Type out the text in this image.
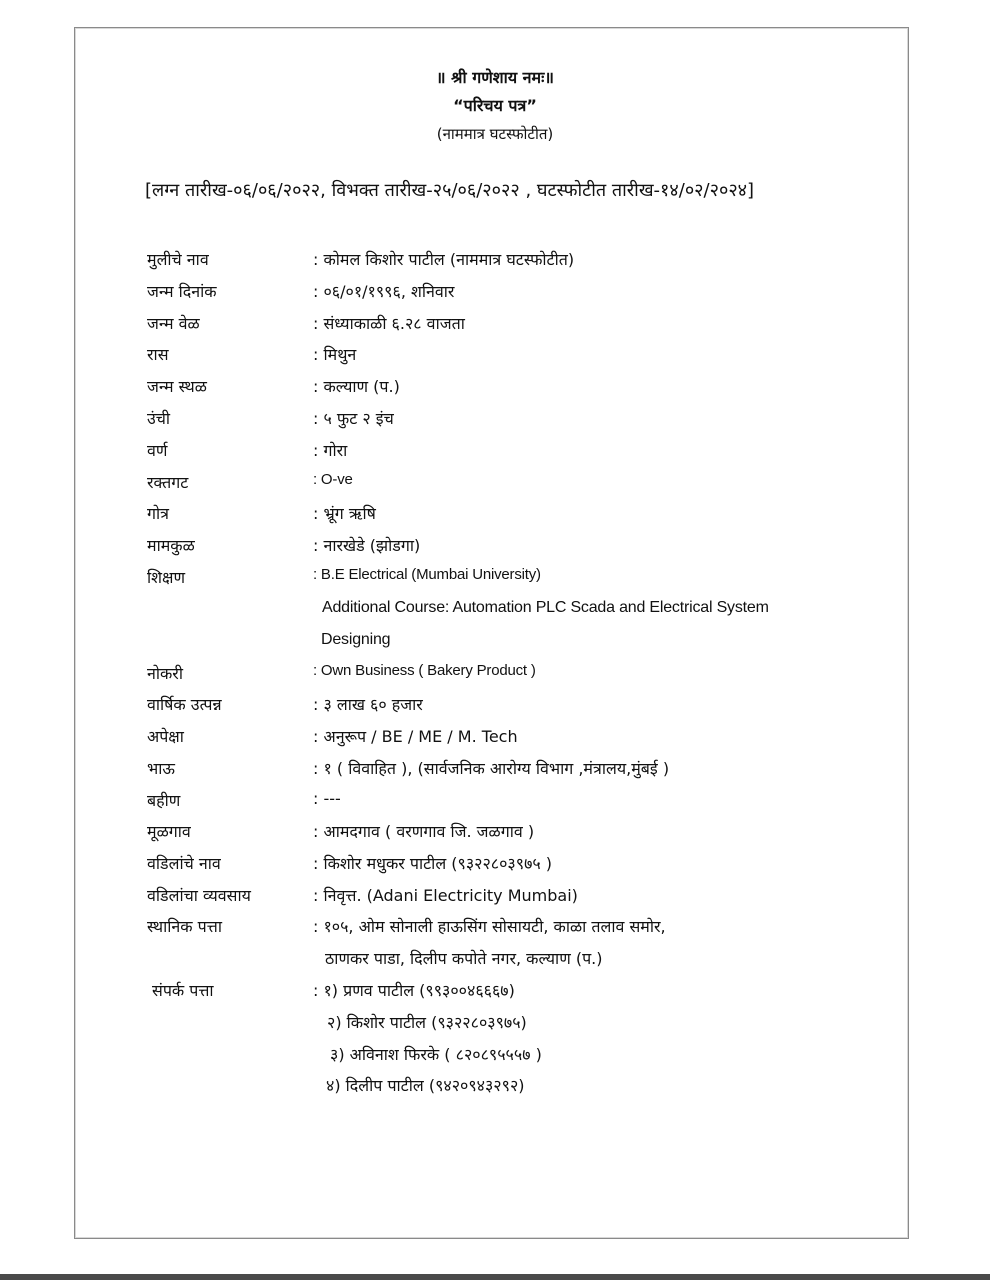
॥ श्री गणेशाय नमः॥
“परिचय पत्र”
(नाममात्र घटस्फोटीत)
[लग्न तारीख-०६/०६/२०२२, विभक्त तारीख-२५/०६/२०२२ , घटस्फोटीत तारीख-१४/०२/२०२४]
मुलीचे नाव	: कोमल किशोर पाटील (नाममात्र घटस्फोटीत)
जन्म दिनांक	: ०६/०१/१९९६, शनिवार
जन्म वेळ	: संध्याकाळी ६.२८ वाजता
रास	: मिथुन
जन्म स्थळ	: कल्याण (प.)
उंची	: ५ फुट २ इंच
वर्ण	: गोरा
रक्तगट	: O-ve
गोत्र	: भ्रूंग ऋषि
मामकुळ	: नारखेडे (झोडगा)
शिक्षण	: B.E Electrical (Mumbai University)
Additional Course: Automation PLC Scada and Electrical System
Designing
नोकरी	: Own Business ( Bakery Product )
वार्षिक उत्पन्न	: ३ लाख ६० हजार
अपेक्षा	: अनुरूप / BE / ME / M. Tech
भाऊ	: १ ( विवाहित ), (सार्वजनिक आरोग्य विभाग ,मंत्रालय,मुंबई )
बहीण	: ---
मूळगाव	: आमदगाव ( वरणगाव जि. जळगाव )
वडिलांचे नाव	: किशोर मधुकर पाटील (९३२२८०३९७५ )
वडिलांचा व्यवसाय	: निवृत्त. (Adani Electricity Mumbai)
स्थानिक पत्ता	: १०५, ओम सोनाली हाऊसिंग सोसायटी, काळा तलाव समोर,
ठाणकर पाडा, दिलीप कपोते नगर, कल्याण (प.)
संपर्क पत्ता	: १) प्रणव पाटील (९९३००४६६६७)
२) किशोर पाटील (९३२२८०३९७५)
३) अविनाश फिरके ( ८२०८९५५५७ )
४) दिलीप पाटील (९४२०९४३२९२)
